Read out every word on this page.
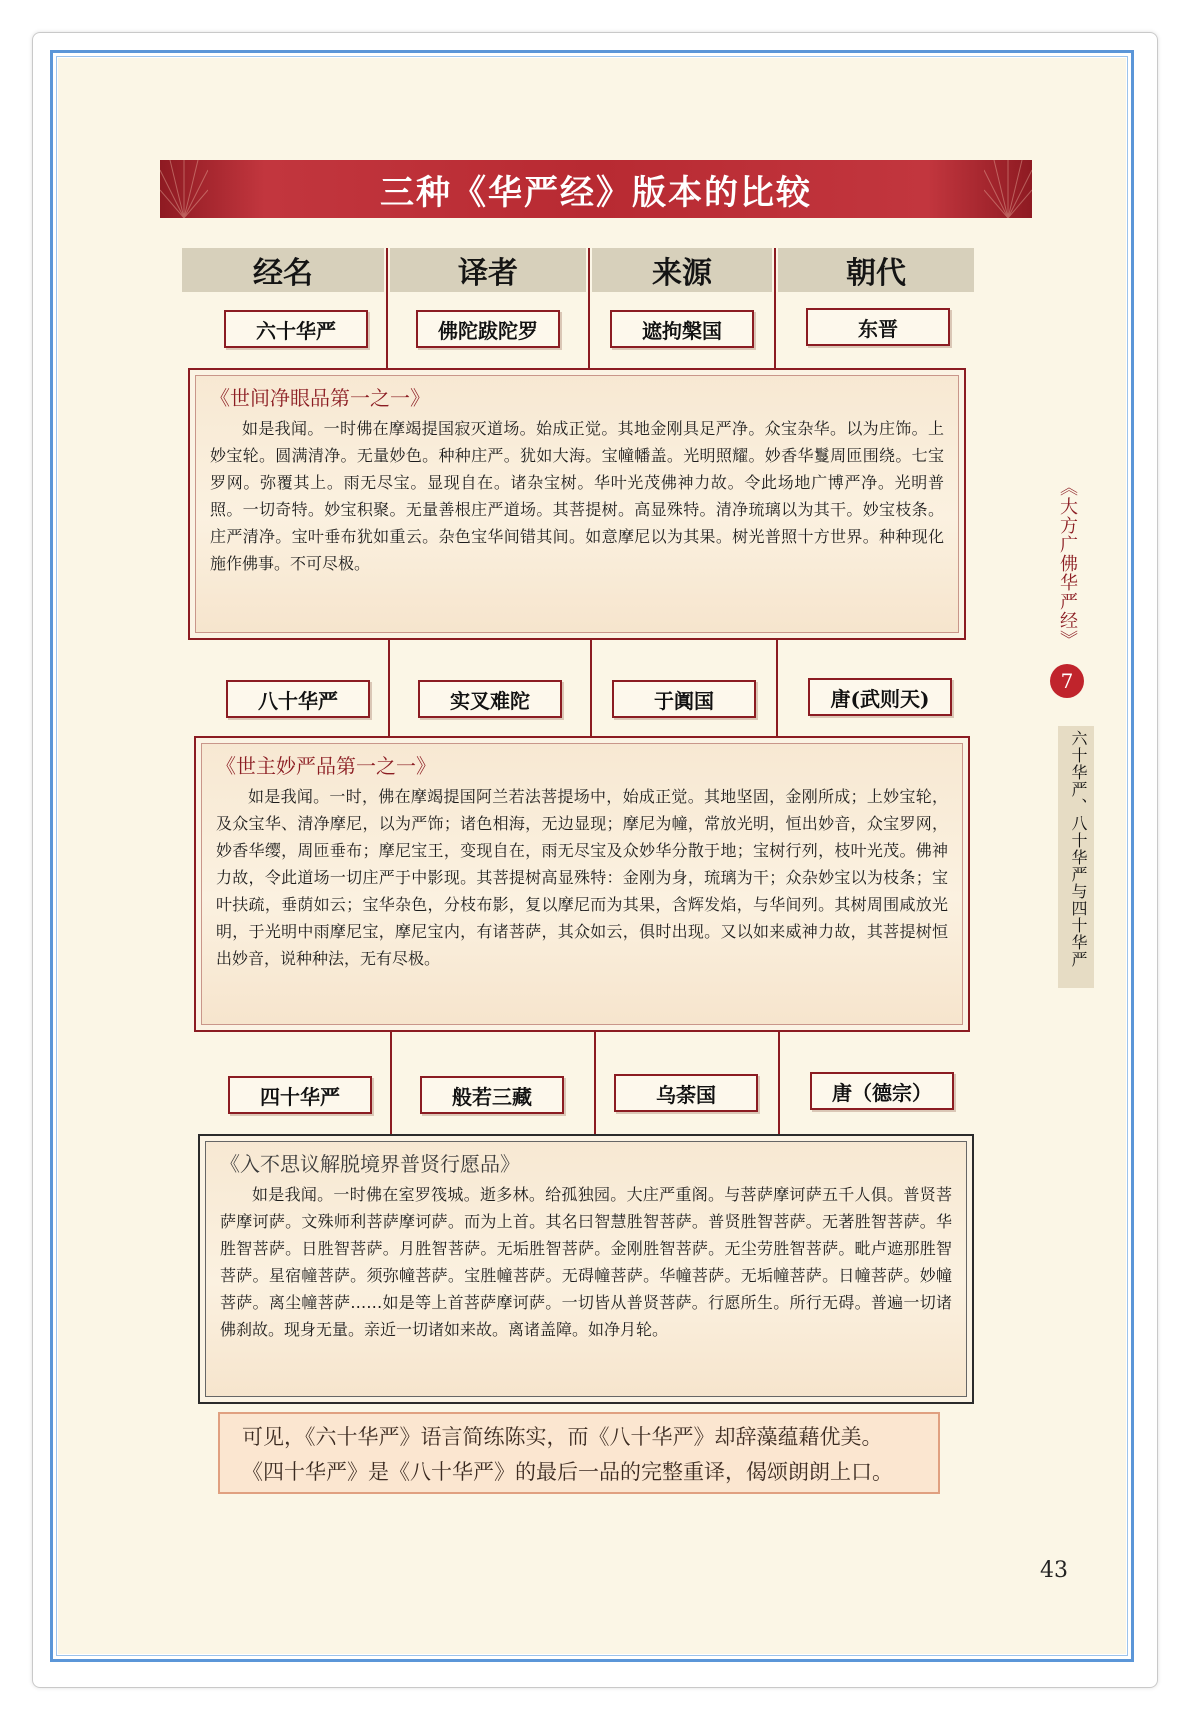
三种《华严经》版本的比较
经名	译者	来源	朝代
六十华严	佛陀跋陀罗	遮拘槃国	东晋

《世间净眼品第一之一》

如是我闻。一时佛在摩竭提国寂灭道场。始成正觉。其地金刚具足严净。众宝杂华。以为庄饰。上妙宝轮。圆满清净。无量妙色。种种庄严。犹如大海。宝幢幡盖。光明照耀。妙香华鬘周匝围绕。七宝罗网。弥覆其上。雨无尽宝。显现自在。诸杂宝树。华叶光茂佛神力故。令此场地广博严净。光明普照。一切奇特。妙宝积聚。无量善根庄严道场。其菩提树。高显殊特。清净琉璃以为其干。妙宝枝条。庄严清净。宝叶垂布犹如重云。杂色宝华间错其间。如意摩尼以为其果。树光普照十方世界。种种现化施作佛事。不可尽极。

八十华严	实叉难陀	于阗国	唐(武则天)

《世主妙严品第一之一》

如是我闻。一时，佛在摩竭提国阿兰若法菩提场中，始成正觉。其地坚固，金刚所成；上妙宝轮，及众宝华、清净摩尼，以为严饰；诸色相海，无边显现；摩尼为幢，常放光明，恒出妙音，众宝罗网，妙香华缨，周匝垂布；摩尼宝王，变现自在，雨无尽宝及众妙华分散于地；宝树行列，枝叶光茂。佛神力故，令此道场一切庄严于中影现。其菩提树高显殊特：金刚为身，琉璃为干；众杂妙宝以为枝条；宝叶扶疏，垂荫如云；宝华杂色，分枝布影，复以摩尼而为其果，含辉发焰，与华间列。其树周围咸放光明，于光明中雨摩尼宝，摩尼宝内，有诸菩萨，其众如云，俱时出现。又以如来威神力故，其菩提树恒出妙音，说种种法，无有尽极。

四十华严	般若三藏	乌荼国	唐（德宗）

《入不思议解脱境界普贤行愿品》

如是我闻。一时佛在室罗筏城。逝多林。给孤独园。大庄严重阁。与菩萨摩诃萨五千人俱。普贤菩萨摩诃萨。文殊师利菩萨摩诃萨。而为上首。其名曰智慧胜智菩萨。普贤胜智菩萨。无著胜智菩萨。华胜智菩萨。日胜智菩萨。月胜智菩萨。无垢胜智菩萨。金刚胜智菩萨。无尘劳胜智菩萨。毗卢遮那胜智菩萨。星宿幢菩萨。须弥幢菩萨。宝胜幢菩萨。无碍幢菩萨。华幢菩萨。无垢幢菩萨。日幢菩萨。妙幢菩萨。离尘幢菩萨……如是等上首菩萨摩诃萨。一切皆从普贤菩萨。行愿所生。所行无碍。普遍一切诸佛刹故。现身无量。亲近一切诸如来故。离诸盖障。如净月轮。

可见，《六十华严》语言简练陈实，而《八十华严》却辞藻蕴藉优美。
《四十华严》是《八十华严》的最后一品的完整重译，偈颂朗朗上口。
《大方广佛华严经》
7
六十华严、八十华严与四十华严
43
